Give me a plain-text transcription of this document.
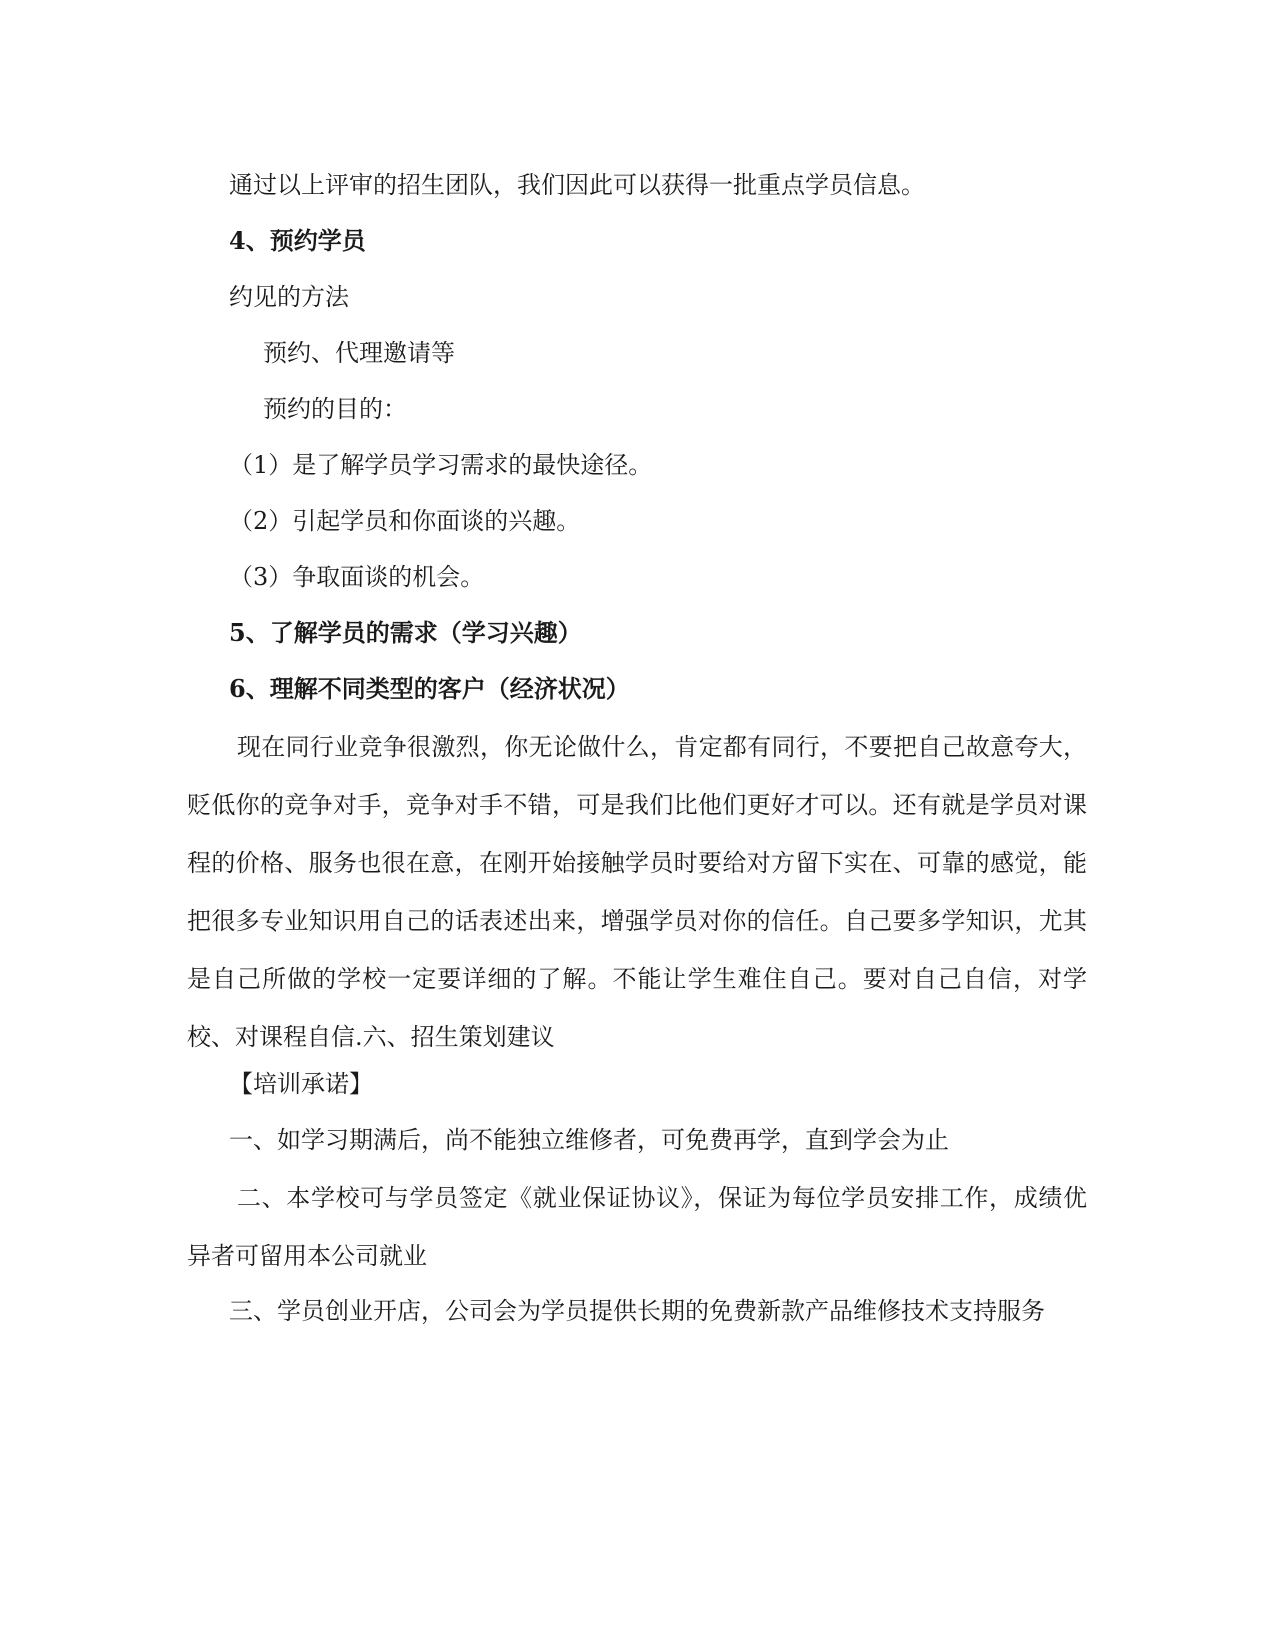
通过以上评审的招生团队，我们因此可以获得一批重点学员信息。

4、预约学员

约见的方法

预约、代理邀请等

预约的目的：

（1）是了解学员学习需求的最快途径。

（2）引起学员和你面谈的兴趣。

（3）争取面谈的机会。

5、了解学员的需求（学习兴趣）

6、理解不同类型的客户（经济状况）

现在同行业竞争很激烈，你无论做什么，肯定都有同行，不要把自己故意夸大，贬低你的竞争对手，竞争对手不错，可是我们比他们更好才可以。还有就是学员对课程的价格、服务也很在意，在刚开始接触学员时要给对方留下实在、可靠的感觉，能把很多专业知识用自己的话表述出来，增强学员对你的信任。自己要多学知识，尤其是自己所做的学校一定要详细的了解。不能让学生难住自己。要对自己自信，对学校、对课程自信.六、招生策划建议

【培训承诺】

一、如学习期满后，尚不能独立维修者，可免费再学，直到学会为止

二、本学校可与学员签定《就业保证协议》，保证为每位学员安排工作，成绩优异者可留用本公司就业

三、学员创业开店，公司会为学员提供长期的免费新款产品维修技术支持服务
